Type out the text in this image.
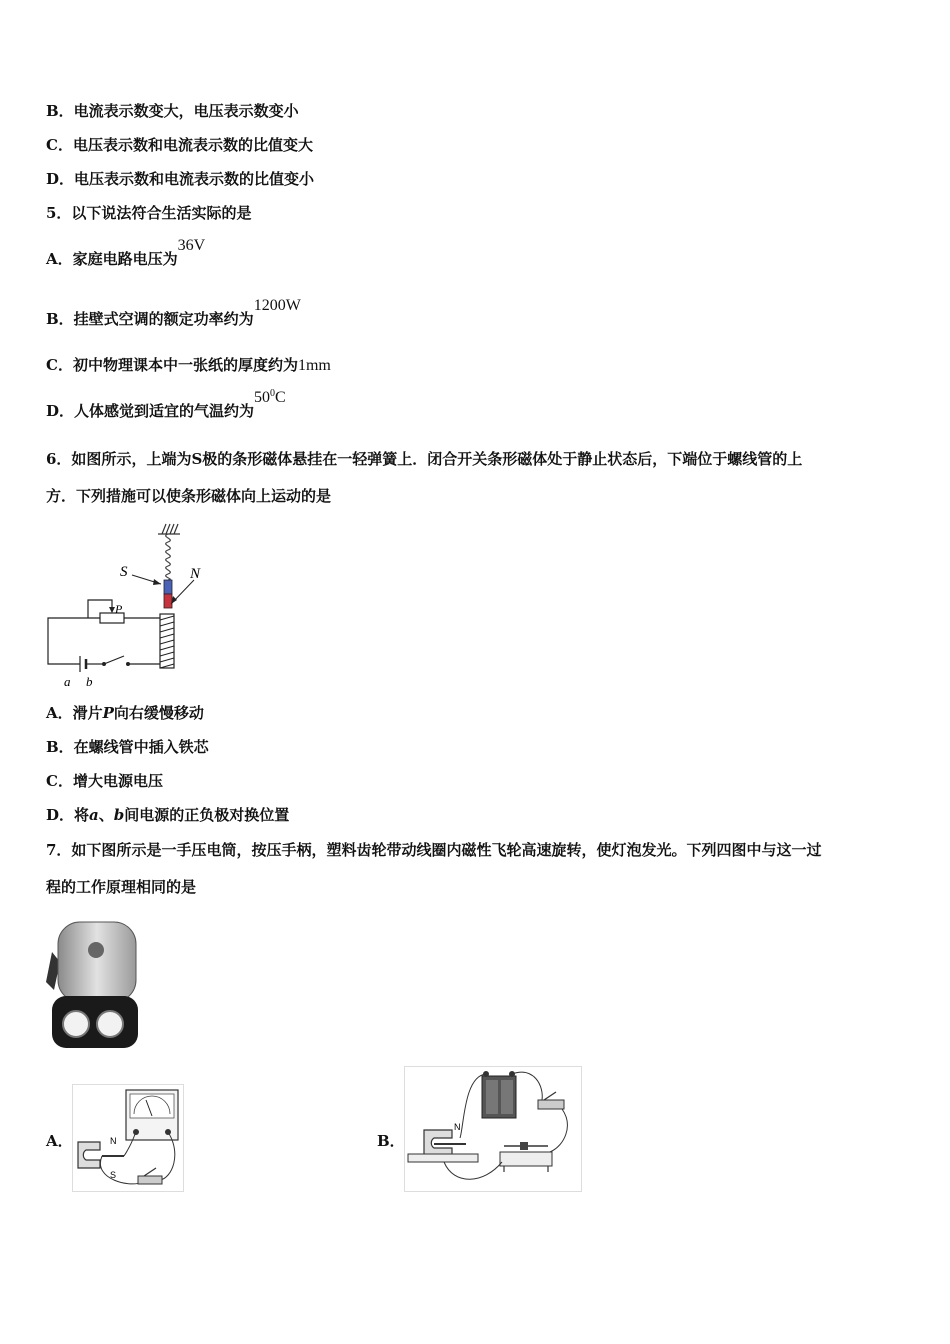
B．电流表示数变大，电压表示数变小
C．电压表示数和电流表示数的比值变大
D．电压表示数和电流表示数的比值变小
5．以下说法符合生活实际的是
A．家庭电路电压为36V
B．挂壁式空调的额定功率约为1200W
C．初中物理课本中一张纸的厚度约为1mm
D．人体感觉到适宜的气温约为$50^0C$
6．如图所示，上端为S极的条形磁体悬挂在一轻弹簧上．闭合开关条形磁体处于静止状态后，下端位于螺线管的上
方．下列措施可以使条形磁体向上运动的是
S	N
P
a b
A．滑片P向右缓慢移动
B．在螺线管中插入铁芯
C．增大电源电压
D．将a、b间电源的正负极对换位置
7．如下图所示是一手压电筒，按压手柄，塑料齿轮带动线圈内磁性飞轮高速旋转，使灯泡发光。下列四图中与这一过
程的工作原理相同的是
A．	N
S
B．
N
